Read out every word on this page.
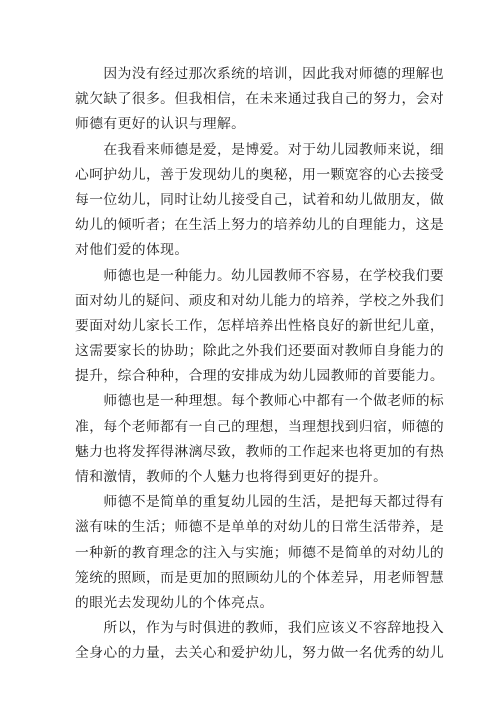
　　因为没有经过那次系统的培训，因此我对师德的理解也
就欠缺了很多。但我相信，在未来通过我自己的努力，会对
师德有更好的认识与理解。
　　在我看来师德是爱，是博爱。对于幼儿园教师来说，细
心呵护幼儿，善于发现幼儿的奥秘，用一颗宽容的心去接受
每一位幼儿，同时让幼儿接受自己，试着和幼儿做朋友，做
幼儿的倾听者；在生活上努力的培养幼儿的自理能力，这是
对他们爱的体现。
　　师德也是一种能力。幼儿园教师不容易，在学校我们要
面对幼儿的疑问、顽皮和对幼儿能力的培养，学校之外我们
要面对幼儿家长工作，怎样培养出性格良好的新世纪儿童，
这需要家长的协助；除此之外我们还要面对教师自身能力的
提升，综合种种，合理的安排成为幼儿园教师的首要能力。
　　师德也是一种理想。每个教师心中都有一个做老师的标
准，每个老师都有一自己的理想，当理想找到归宿，师德的
魅力也将发挥得淋漓尽致，教师的工作起来也将更加的有热
情和激情，教师的个人魅力也将得到更好的提升。
　　师德不是简单的重复幼儿园的生活，是把每天都过得有
滋有味的生活；师德不是单单的对幼儿的日常生活带养，是
一种新的教育理念的注入与实施；师德不是简单的对幼儿的
笼统的照顾，而是更加的照顾幼儿的个体差异，用老师智慧
的眼光去发现幼儿的个体亮点。
　　所以，作为与时俱进的教师，我们应该义不容辞地投入
全身心的力量，去关心和爱护幼儿，努力做一名优秀的幼儿
